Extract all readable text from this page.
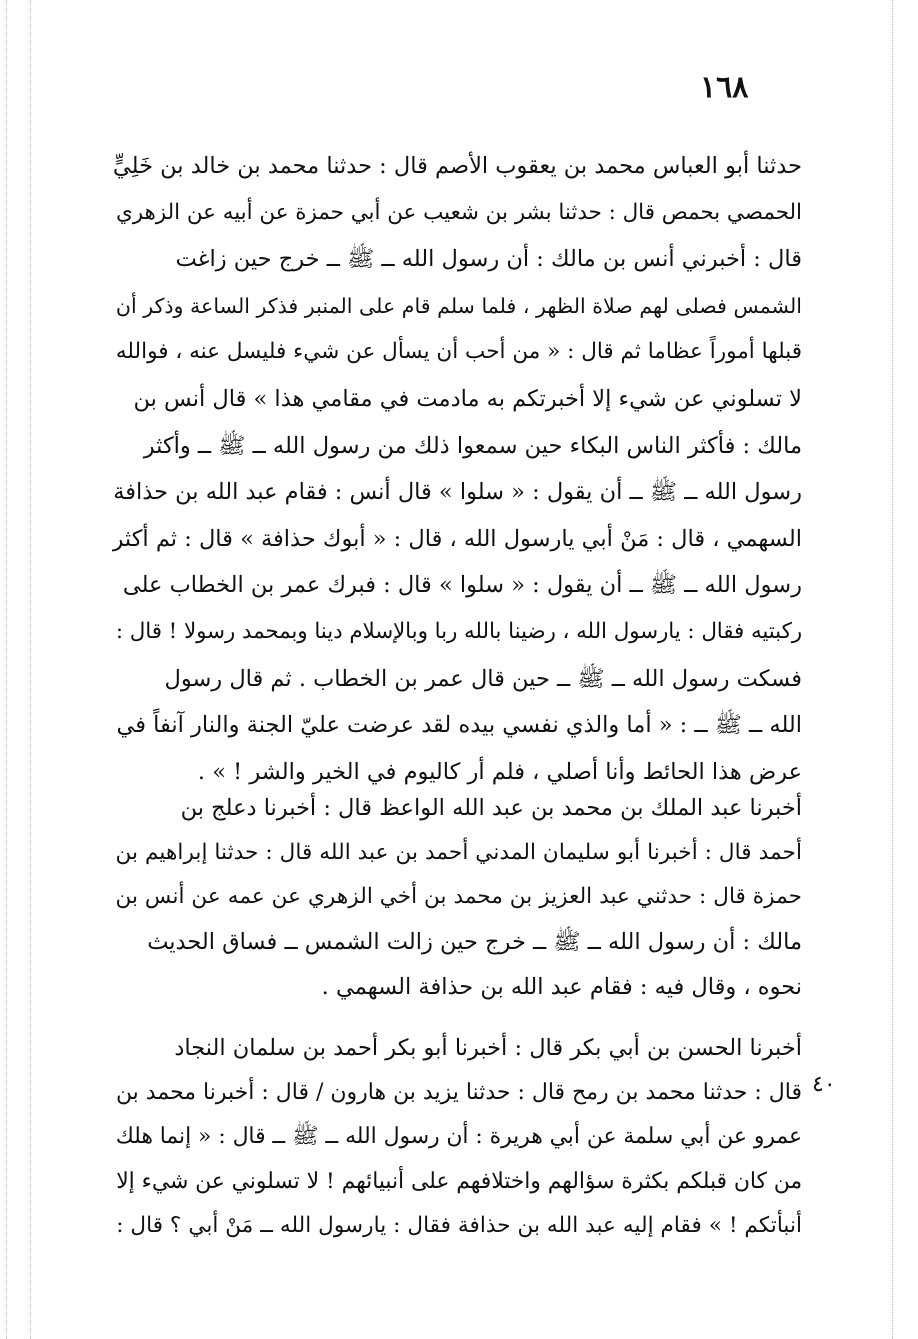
١٦٨
حدثنا أبو العباس محمد بن يعقوب الأصم قال : حدثنا محمد بن خالد بن خَلِيٍّ
الحمصي بحمص قال : حدثنا بشر بن شعيب عن أبي حمزة عن أبيه عن الزهري
قال : أخبرني أنس بن مالك : أن رسول الله ــ ﷺ ــ خرج حين زاغت
الشمس فصلى لهم صلاة الظهر ، فلما سلم قام على المنبر فذكر الساعة وذكر أن
قبلها أموراً عظاما ثم قال : « من أحب أن يسأل عن شيء فليسل عنه ، فوالله
لا تسلوني عن شيء إلا أخبرتكم به مادمت في مقامي هذا » قال أنس بن
مالك : فأكثر الناس البكاء حين سمعوا ذلك من رسول الله ــ ﷺ ــ وأكثر
رسول الله ــ ﷺ ــ أن يقول : « سلوا » قال أنس : فقام عبد الله بن حذافة
السهمي ، قال : مَنْ أبي يارسول الله ، قال : « أبوك حذافة » قال : ثم أكثر
رسول الله ــ ﷺ ــ أن يقول : « سلوا » قال : فبرك عمر بن الخطاب على
ركبتيه فقال : يارسول الله ، رضينا بالله ربا وبالإسلام دينا وبمحمد رسولا ! قال :
فسكت رسول الله ــ ﷺ ــ حين قال عمر بن الخطاب . ثم قال رسول
الله ــ ﷺ ــ : « أما والذي نفسي بيده لقد عرضت عليّ الجنة والنار آنفاً في
عرض هذا الحائط وأنا أصلي ، فلم أر كاليوم في الخير والشر ! » .
أخبرنا عبد الملك بن محمد بن عبد الله الواعظ قال : أخبرنا دعلج بن
أحمد قال : أخبرنا أبو سليمان المدني أحمد بن عبد الله قال : حدثنا إبراهيم بن
حمزة قال : حدثني عبد العزيز بن محمد بن أخي الزهري عن عمه عن أنس بن
مالك : أن رسول الله ــ ﷺ ــ خرج حين زالت الشمس ــ فساق الحديث
نحوه ، وقال فيه : فقام عبد الله بن حذافة السهمي .
٤٠
أخبرنا الحسن بن أبي بكر قال : أخبرنا أبو بكر أحمد بن سلمان النجاد
قال : حدثنا محمد بن رمح قال : حدثنا يزيد بن هارون / قال : أخبرنا محمد بن
عمرو عن أبي سلمة عن أبي هريرة : أن رسول الله ــ ﷺ ــ قال : « إنما هلك
من كان قبلكم بكثرة سؤالهم واختلافهم على أنبيائهم ! لا تسلوني عن شيء إلا
أنبأتكم ! » فقام إليه عبد الله بن حذافة فقال : يارسول الله ــ مَنْ أبي ؟ قال :
